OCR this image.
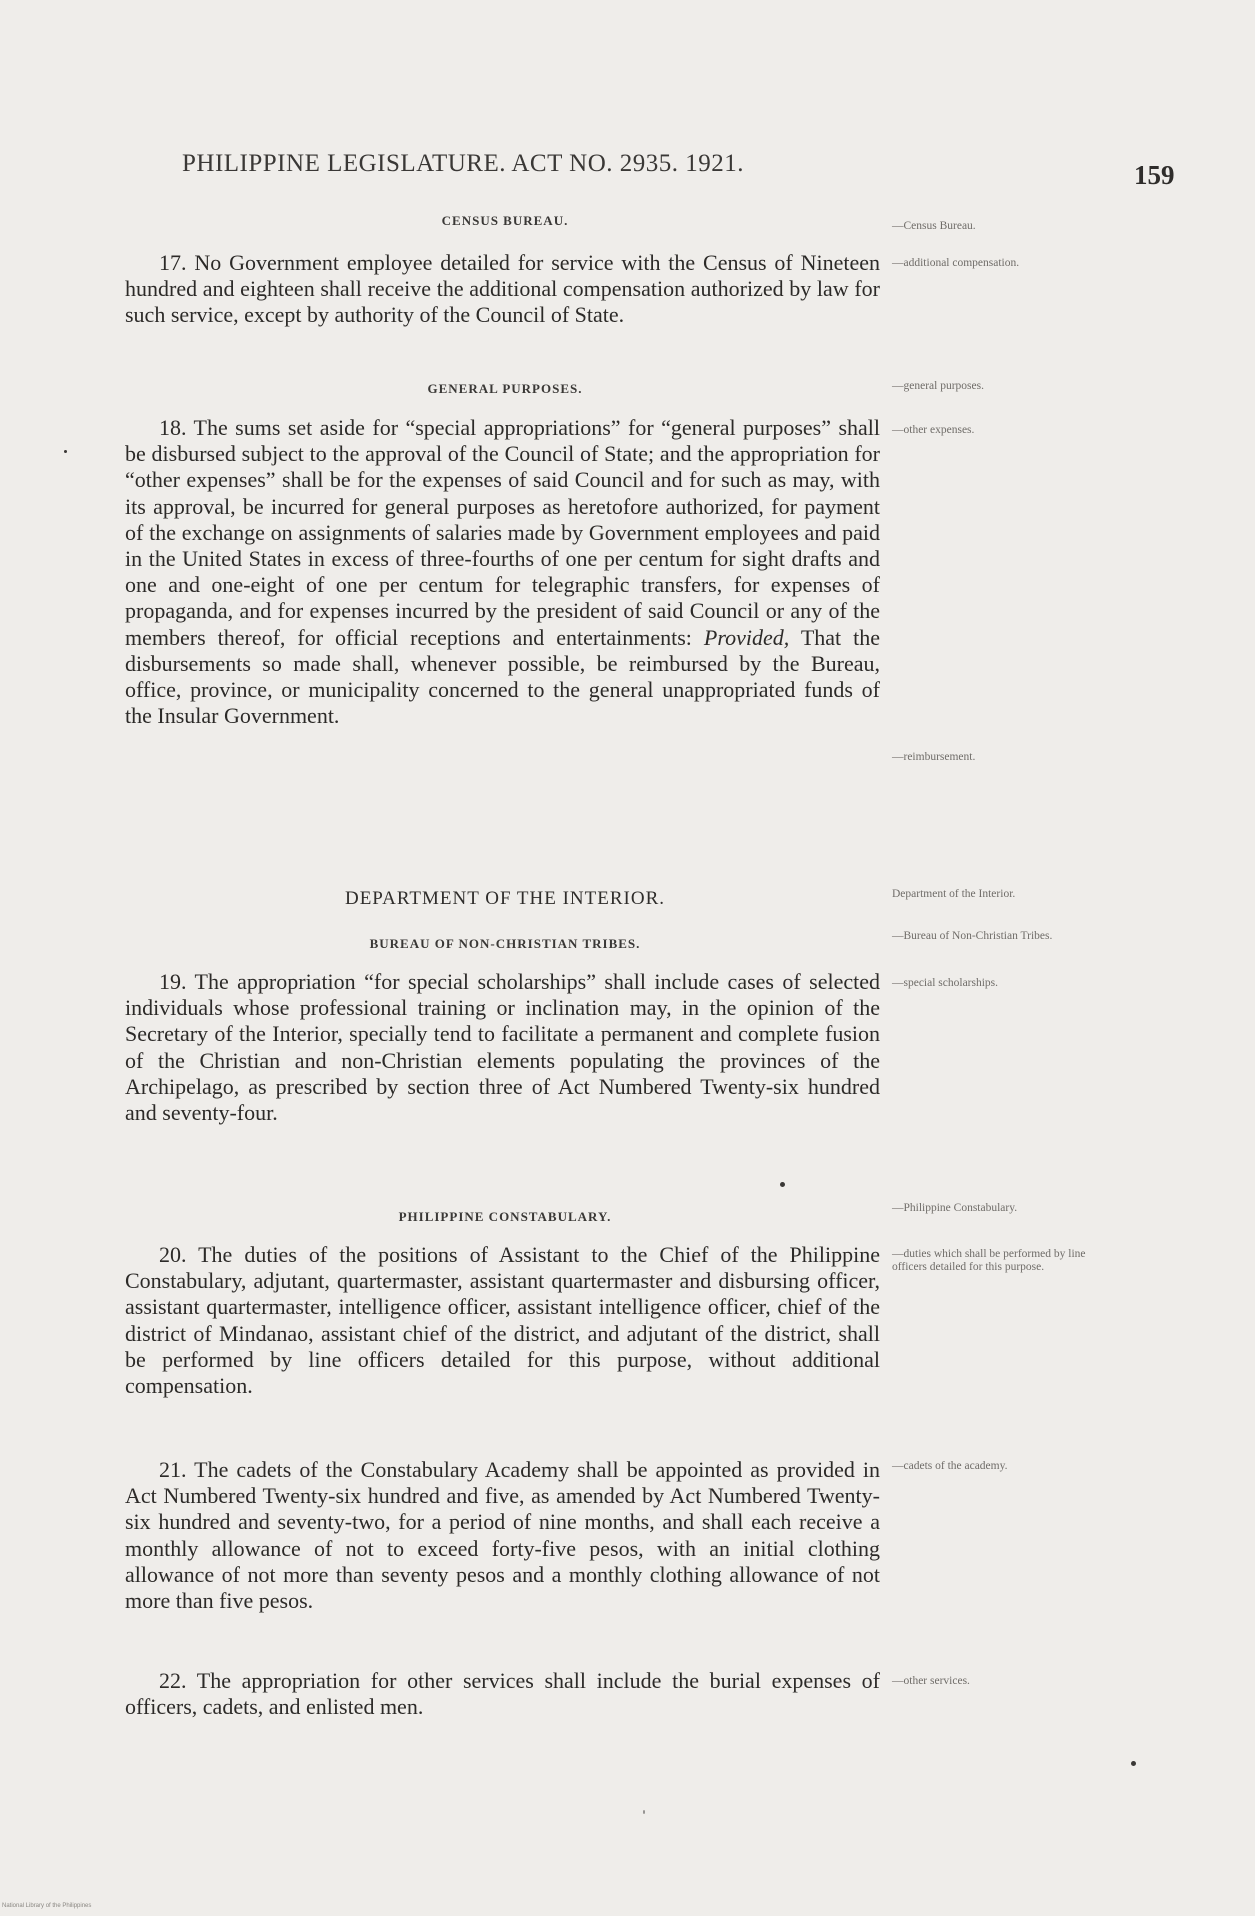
PHILIPPINE LEGISLATURE. ACT NO. 2935. 1921.	159
CENSUS BUREAU.	—Census Bureau.
17. No Government employee detailed for service with the Census of Nineteen hundred and eighteen shall receive the additional compensation authorized by law for such service, except by authority of the Council of State.
—additional compensation.
GENERAL PURPOSES.	—general purposes.
18. The sums set aside for “special appropriations” for “general purposes” shall be disbursed subject to the approval of the Council of State; and the appropriation for “other expenses” shall be for the expenses of said Council and for such as may, with its approval, be incurred for general purposes as heretofore authorized, for payment of the exchange on assignments of salaries made by Government employees and paid in the United States in excess of three-fourths of one per centum for sight drafts and one and one-eight of one per centum for telegraphic transfers, for expenses of propaganda, and for expenses incurred by the president of said Council or any of the members thereof, for official receptions and entertainments: Provided, That the disbursements so made shall, whenever possible, be reimbursed by the Bureau, office, province, or municipality concerned to the general unappropriated funds of the Insular Government.
—other expenses.
—reimbursement.
DEPARTMENT OF THE INTERIOR.	Department of the Interior.
BUREAU OF NON-CHRISTIAN TRIBES.	—Bureau of Non-Christian Tribes.
19. The appropriation “for special scholarships” shall include cases of selected individuals whose professional training or inclination may, in the opinion of the Secretary of the Interior, specially tend to facilitate a permanent and complete fusion of the Christian and non-Christian elements populating the provinces of the Archipelago, as prescribed by section three of Act Numbered Twenty-six hundred and seventy-four.
—special scholarships.
PHILIPPINE CONSTABULARY.
—Philippine Constabulary.
20. The duties of the positions of Assistant to the Chief of the Philippine Constabulary, adjutant, quartermaster, assistant quartermaster and disbursing officer, assistant quartermaster, intelligence officer, assistant intelligence officer, chief of the district of Mindanao, assistant chief of the district, and adjutant of the district, shall be performed by line officers detailed for this purpose, without additional compensation.
—duties which shall be performed by line officers detailed for this purpose.
21. The cadets of the Constabulary Academy shall be appointed as provided in Act Numbered Twenty-six hundred and five, as amended by Act Numbered Twenty-six hundred and seventy-two, for a period of nine months, and shall each receive a monthly allowance of not to exceed forty-five pesos, with an initial clothing allowance of not more than seventy pesos and a monthly clothing allowance of not more than five pesos.
—cadets of the academy.
22. The appropriation for other services shall include the burial expenses of officers, cadets, and enlisted men.
—other services.
National Library of the Philippines
